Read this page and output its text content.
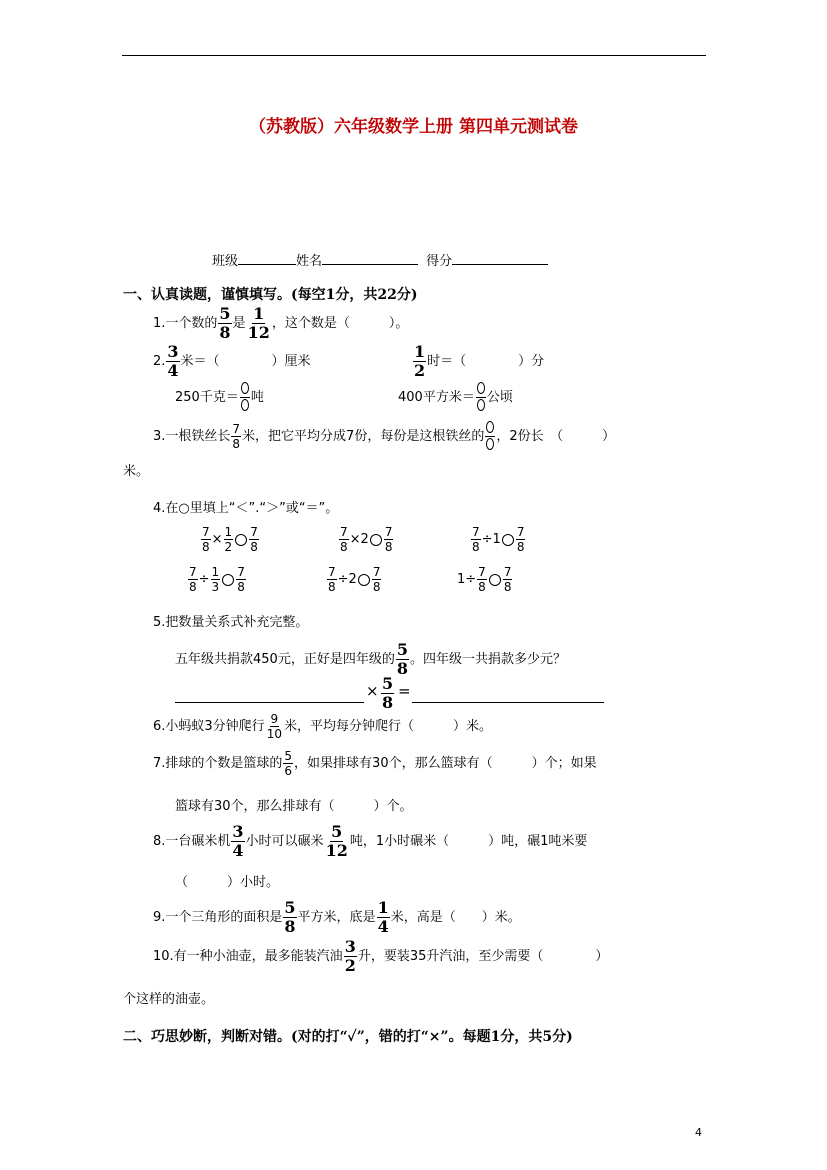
（苏教版）六年级数学上册 第四单元测试卷
班级	姓名	得分
一、认真读题，谨慎填写。(每空1分，共22分)
1.一个数的 $\frac{5}{8}$ 是 $\frac{1}{12}$ ，这个数是（　　　）。
2. $\frac{3}{4}$ 米＝（　　　　）厘米	$\frac{1}{2}$ 时＝（　　　　）分
250千克＝ 吨	400平方米＝ 公顷
3.一根铁丝长 $\frac{7}{8}$ 米，把它平均分成7份，每份是这根铁丝的 ，2份长　（　　　）
米。
4.在○里填上“＜”.“＞”或“＝”。
$\frac{7}{8} \times \frac{1}{2} \frac{7}{8}$	$\frac{7}{8} \times 2 \frac{7}{8}$	$\frac{7}{8} \div 1 \frac{7}{8}$
$\frac{7}{8} \div \frac{1}{3} \frac{7}{8}$	$\frac{7}{8} \div 2 \frac{7}{8}$	$1\div \frac{7}{8} \frac{7}{8}$
5.把数量关系式补充完整。
五年级共捐款450元，正好是四年级的 $\frac{5}{8}$ 。四年级一共捐款多少元？
× $\frac{5}{8}$ =
6.小蚂蚁3分钟爬行 $\frac{9}{10}$ 米，平均每分钟爬行（　　　）米。
7.排球的个数是篮球的 $\frac{5}{6}$ ，如果排球有30个，那么篮球有（　　　）个；如果
篮球有30个，那么排球有（　　　）个。
8.一台碾米机 $\frac{3}{4}$ 小时可以碾米 $\frac{5}{12}$ 吨，1小时碾米（　　　）吨，碾1吨米要
（　　　）小时。
9.一个三角形的面积是 $\frac{5}{8}$ 平方米，底是 $\frac{1}{4}$ 米，高是（　　）米。
10.有一种小油壶，最多能装汽油 $\frac{3}{2}$ 升，要装35升汽油，至少需要（　　　　）
个这样的油壶。
二、巧思妙断，判断对错。(对的打“✓”，错的打“×”。每题1分，共5分)
4
